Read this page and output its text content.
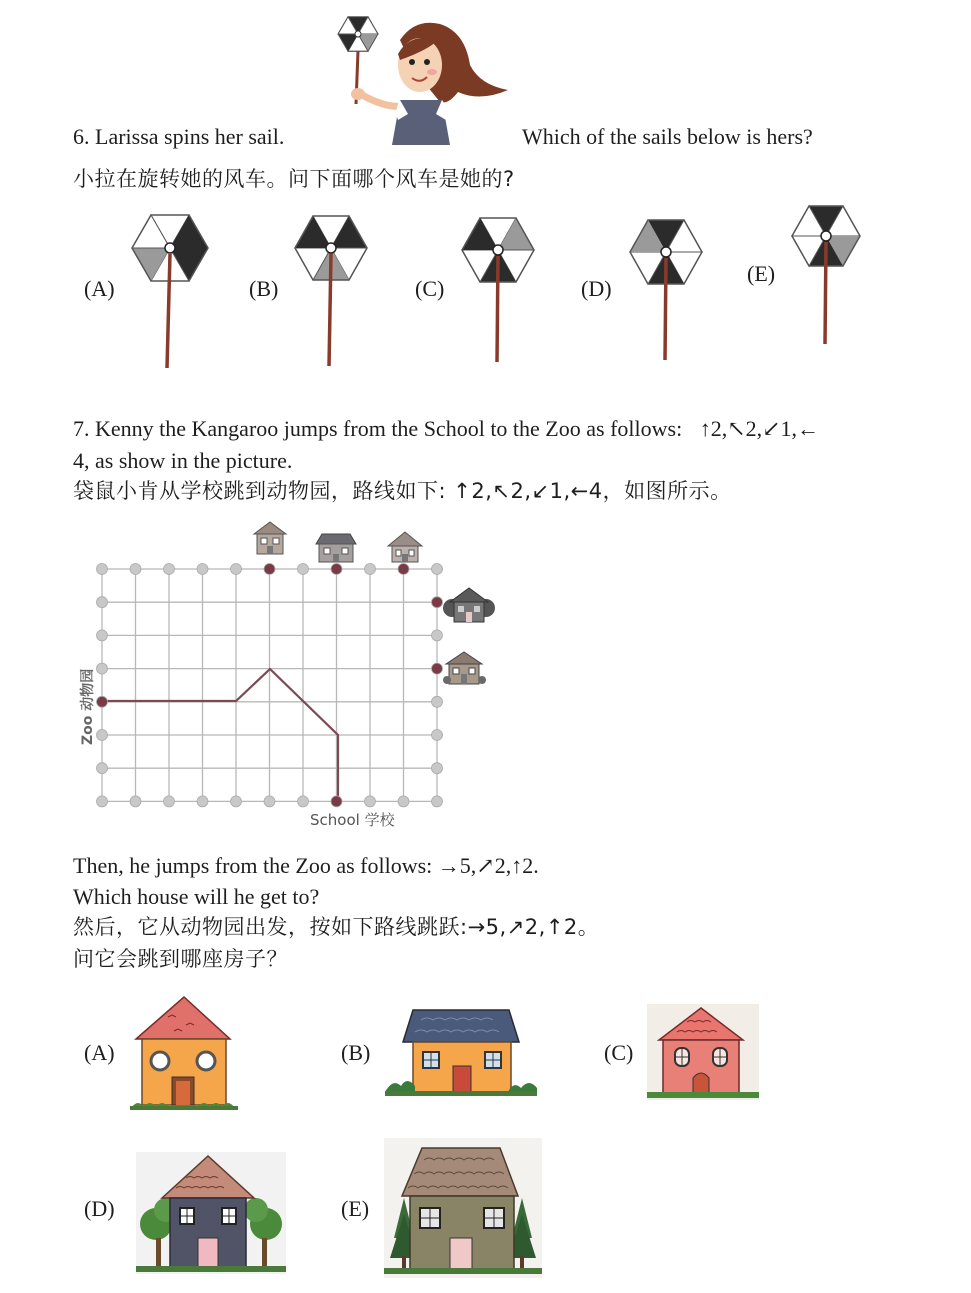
6. Larissa spins her sail.	Which of the sails below is hers?
小拉在旋转她的风车。问下面哪个风车是她的?
(A)	(B)	(C)	(D)
(E)
7. Kenny the Kangaroo jumps from the School to the Zoo as follows: ↑2,↖2,↙1,←
4, as show in the picture.
袋鼠小肯从学校跳到动物园，路线如下: ↑2,↖2,↙1,←4，如图所示。
Zoo 动物园
School 学校
Then, he jumps from the Zoo as follows: →5,↗2,↑2.
Which house will he get to?
然后，它从动物园出发，按如下路线跳跃:→5,↗2,↑2。
问它会跳到哪座房子？
(A)	(B)	(C)
(D)	(E)
